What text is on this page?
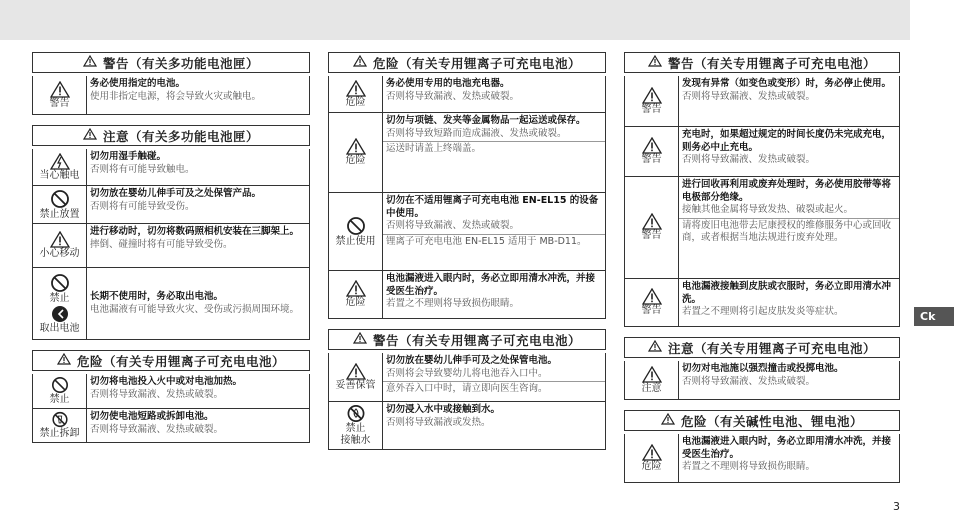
警告（有关多功能电池匣）
警告
务必使用指定的电池。
使用非指定电源，将会导致火灾或触电。
注意（有关多功能电池匣）
当心触电
切勿用湿手触碰。
否则将有可能导致触电。
禁止放置
切勿放在婴幼儿伸手可及之处保管产品。
否则将有可能导致受伤。
小心移动
进行移动时，切勿将数码照相机安装在三脚架上。
摔倒、碰撞时将有可能导致受伤。
禁止
取出电池
长期不使用时，务必取出电池。
电池漏液有可能导致火灾、受伤或污损周围环境。
危险（有关专用锂离子可充电电池）
禁止
切勿将电池投入火中或对电池加热。
否则将导致漏液、发热或破裂。
禁止拆卸
切勿使电池短路或拆卸电池。
否则将导致漏液、发热或破裂。
危险（有关专用锂离子可充电电池）
危险
务必使用专用的电池充电器。
否则将导致漏液、发热或破裂。
危险
切勿与项链、发夹等金属物品一起运送或保存。
否则将导致短路而造成漏液、发热或破裂。
运送时请盖上终端盖。
禁止使用
切勿在不适用锂离子可充电电池 EN-EL15 的设备中使用。
否则将导致漏液、发热或破裂。
锂离子可充电电池 EN-EL15 适用于 MB-D11。
危险
电池漏液进入眼内时，务必立即用清水冲洗，并接受医生治疗。
若置之不理则将导致损伤眼睛。
警告（有关专用锂离子可充电电池）
妥善保管
切勿放在婴幼儿伸手可及之处保管电池。
否则将会导致婴幼儿将电池吞入口中。
意外吞入口中时，请立即向医生咨询。
禁止
接触水
切勿浸入水中或接触到水。
否则将导致漏液或发热。
警告（有关专用锂离子可充电电池）
警告
发现有异常（如变色或变形）时，务必停止使用。
否则将导致漏液、发热或破裂。
警告
充电时，如果超过规定的时间长度仍未完成充电，则务必中止充电。
否则将导致漏液、发热或破裂。
警告
进行回收再利用或废弃处理时，务必使用胶带等将电极部分绝缘。
接触其他金属将导致发热、破裂或起火。
请将废旧电池带去尼康授权的维修服务中心或回收商，或者根据当地法规进行废弃处理。
警告
电池漏液接触到皮肤或衣服时，务必立即用清水冲洗。
若置之不理则将引起皮肤发炎等症状。
注意（有关专用锂离子可充电电池）
注意
切勿对电池施以强烈撞击或投掷电池。
否则将导致漏液、发热或破裂。
危险（有关碱性电池、锂电池）
危险
电池漏液进入眼内时，务必立即用清水冲洗，并接受医生治疗。
若置之不理则将导致损伤眼睛。
Ck
3
